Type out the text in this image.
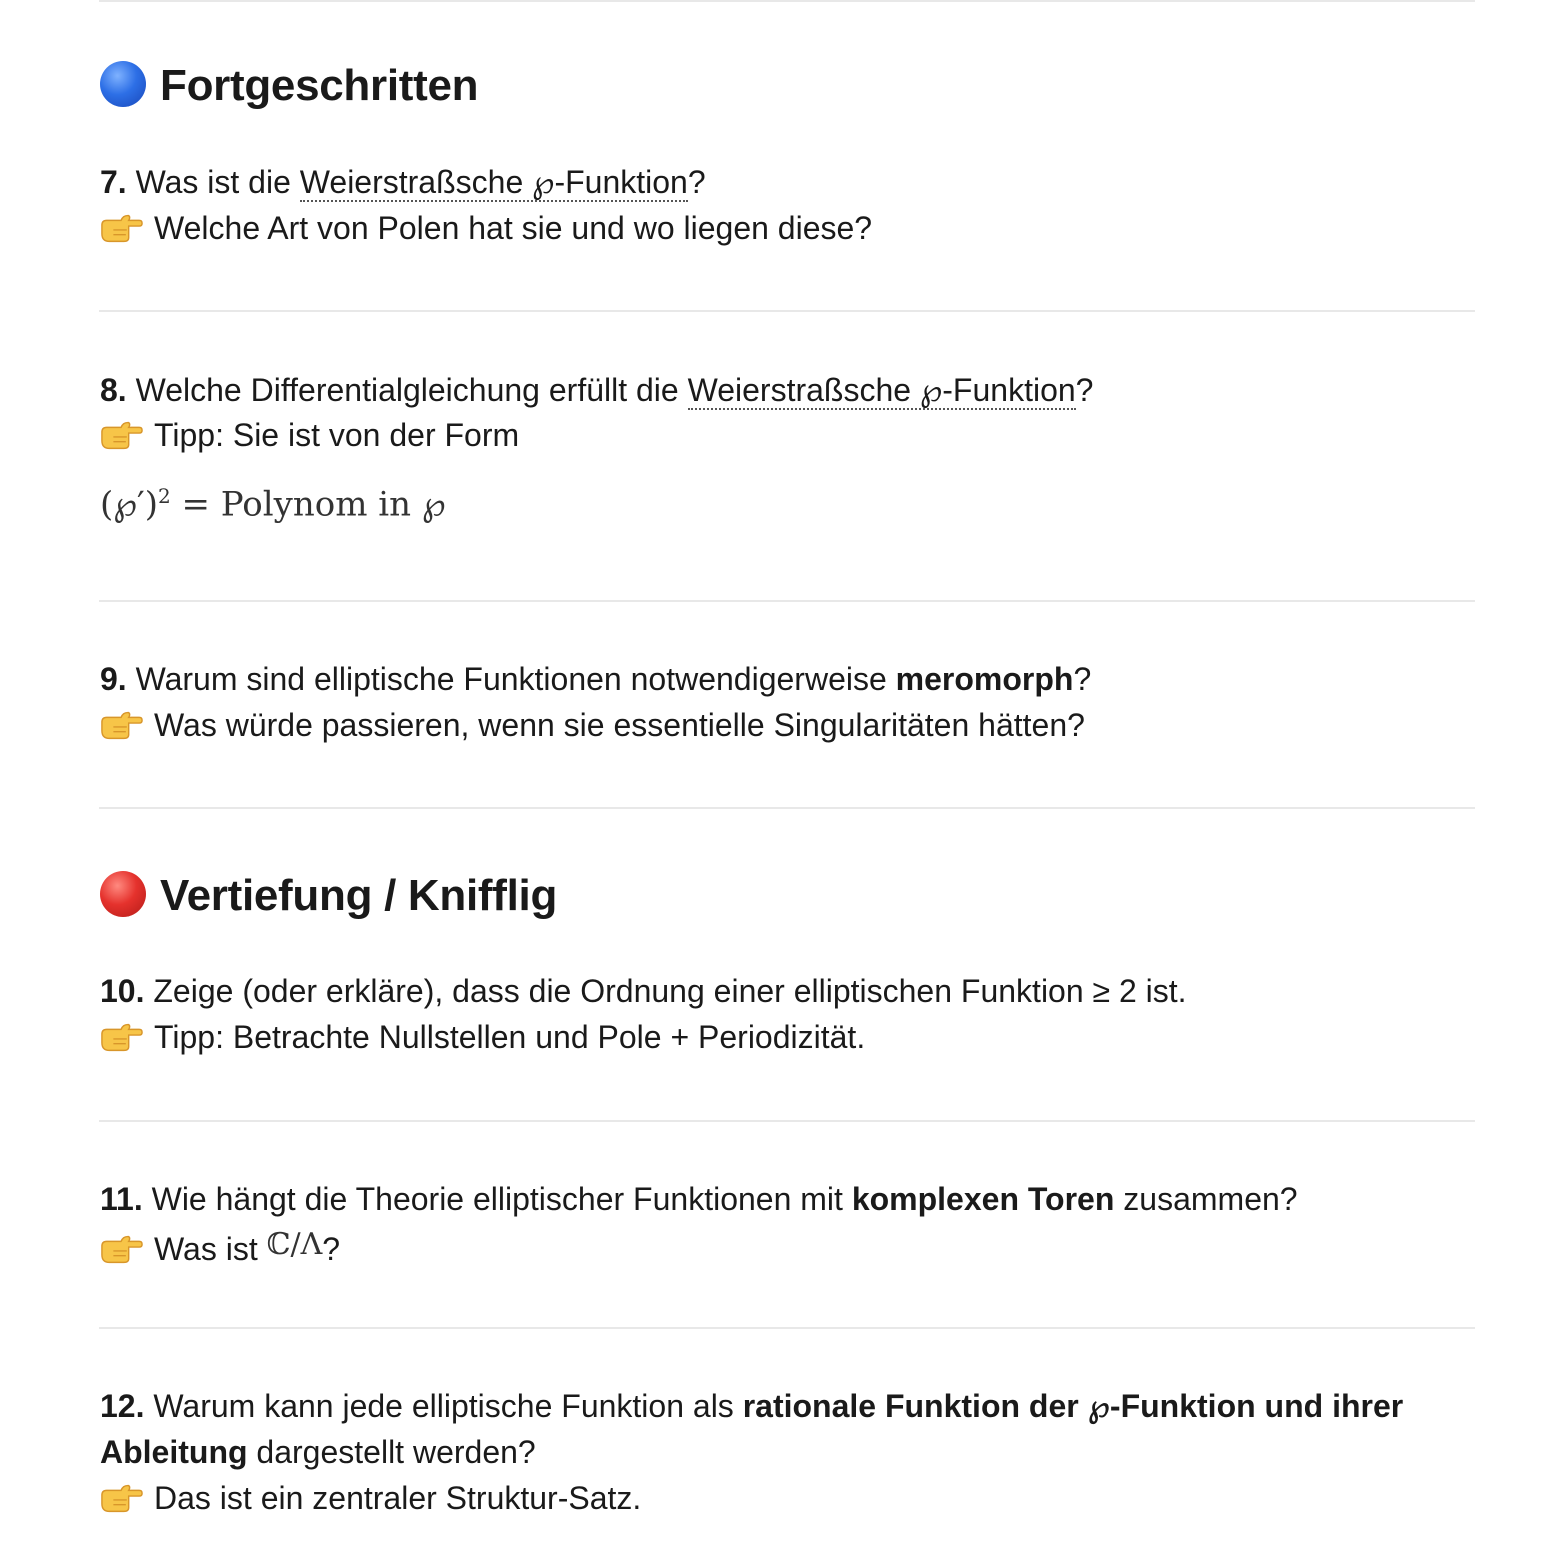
Fortgeschritten
7. Was ist die Weierstraßsche ℘-Funktion?
Welche Art von Polen hat sie und wo liegen diese?
8. Welche Differentialgleichung erfüllt die Weierstraßsche ℘-Funktion?
Tipp: Sie ist von der Form
(℘′)$^2$ = Polynom in ℘
9. Warum sind elliptische Funktionen notwendigerweise meromorph?
Was würde passieren, wenn sie essentielle Singularitäten hätten?
Vertiefung / Knifflig
10. Zeige (oder erkläre), dass die Ordnung einer elliptischen Funktion ≥ 2 ist.
Tipp: Betrachte Nullstellen und Pole + Periodizität.
11. Wie hängt die Theorie elliptischer Funktionen mit komplexen Toren zusammen?
Was ist ℂ/Λ?
12. Warum kann jede elliptische Funktion als rationale Funktion der ℘-Funktion und ihrer
Ableitung dargestellt werden?
Das ist ein zentraler Struktur-Satz.
